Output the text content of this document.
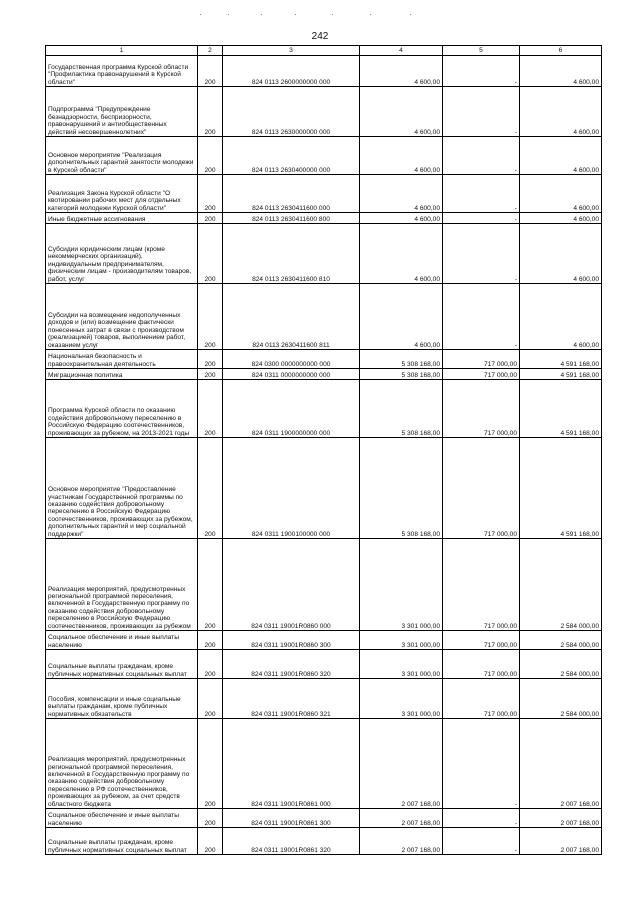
242
1	2	3	4	5	6
Государственная программа Курской области "Профилактика правонарушений в Курской области"	200	824 0113 2600000000 000	4 600,00	-	4 600,00
Подпрограмма "Предупреждение безнадзорности, беспризорности, правонарушений и антиобщественных действий несовершеннолетних"	200	824 0113 2630000000 000	4 600,00	-	4 600,00
Основное мероприятие "Реализация дополнительных гарантий занятости молодежи в Курской области"	200	824 0113 2630400000 000	4 600,00	-	4 600,00
Реализация Закона Курской области "О квотировании рабочих мест для отдельных категорий молодежи Курской области"	200	824 0113 2630411600 000	4 600,00	-	4 600,00
Иные бюджетные ассигнования	200	824 0113 2630411600 800	4 600,00	-	4 600,00
Субсидии юридическим лицам (кроме некоммерческих организаций), индивидуальным предпринимателям, физическим лицам - производителям товаров, работ, услуг	200	824 0113 2630411600 810	4 600,00	-	4 600,00
Субсидии на возмещение недополученных доходов и (или) возмещение фактически понесенных затрат в связи с производством (реализацией) товаров, выполнением работ, оказанием услуг	200	824 0113 2630411600 811	4 600,00	-	4 600,00
Национальная безопасность и правоохранительная деятельность	200	824 0300 0000000000 000	5 308 168,00	717 000,00	4 591 168,00
Миграционная политика	200	824 0311 0000000000 000	5 308 168,00	717 000,00	4 591 168,00
Программа Курской области по оказанию содействия добровольному переселению в Российскую Федерацию соотечественников, проживающих за рубежом, на 2013-2021 годы	200	824 0311 1900000000 000	5 308 168,00	717 000,00	4 591 168,00
Основное мероприятие "Предоставление участникам Государственной программы по оказанию содействия добровольному переселению в Российскую Федерацию соотечественников, проживающих за рубежом, дополнительных гарантий и мер социальной поддержки"	200	824 0311 1900100000 000	5 308 168,00	717 000,00	4 591 168,00
Реализация мероприятий, предусмотренных региональной программой переселения, включенной в Государственную программу по оказанию содействия добровольному переселению в Российскую Федерацию соотечественников, проживающих за рубежом	200	824 0311 19001R0860 000	3 301 000,00	717 000,00	2 584 000,00
Социальное обеспечение и иные выплаты населению	200	824 0311 19001R0860 300	3 301 000,00	717 000,00	2 584 000,00
Социальные выплаты гражданам, кроме публичных нормативных социальных выплат	200	824 0311 19001R0860 320	3 301 000,00	717 000,00	2 584 000,00
Пособия, компенсации и иные социальные выплаты гражданам, кроме публичных нормативных обязательств	200	824 0311 19001R0860 321	3 301 000,00	717 000,00	2 584 000,00
Реализация мероприятий, предусмотренных региональной программой переселения, включенной в Государственную программу по оказанию содействия добровольному переселению в РФ соотечественников, проживающих за рубежом, за счет средств областного бюджета	200	824 0311 19001R0861 000	2 007 168,00	-	2 007 168,00
Социальное обеспечение и иные выплаты населению	200	824 0311 19001R0861 300	2 007 168,00	-	2 007 168,00
Социальные выплаты гражданам, кроме публичных нормативных социальных выплат	200	824 0311 19001R0861 320	2 007 168,00	-	2 007 168,00
